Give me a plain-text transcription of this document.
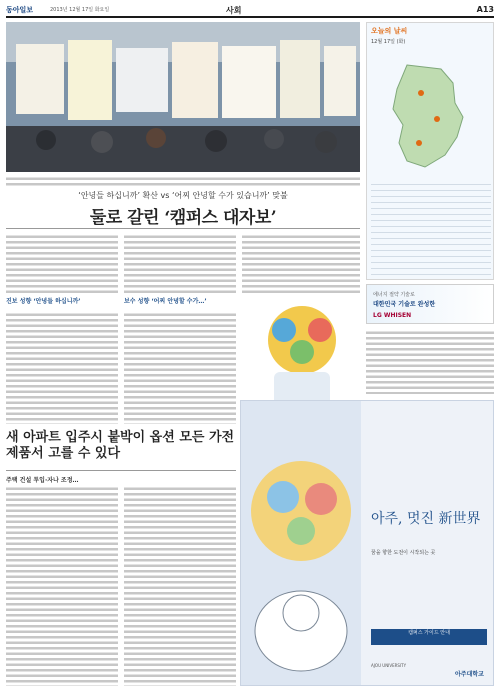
동아일보	2013년 12월 17일 화요일	사회	A13
‘안녕들 하십니까’ 확산 vs ‘어찌 안녕할 수가 있습니까’ 맞불
둘로 갈린 ‘캠퍼스 대자보’
진보 성향 ‘안녕들 하십니까’	보수 성향 ‘어찌 안녕할 수가…’
오늘의 날씨
12월 17일 (화)
에너지 절약 기술로
대한민국 기술로 완성한
LG WHISEN
새 아파트 입주시 붙박이 옵션 모든 가전제품서 고를 수 있다
주택 건설 투입·자나 조정…
아주, 멋진 新世界
꿈을 향한 도전이 시작되는 곳
캠퍼스 가이드 안내
AJOU UNIVERSITY
아주대학교
